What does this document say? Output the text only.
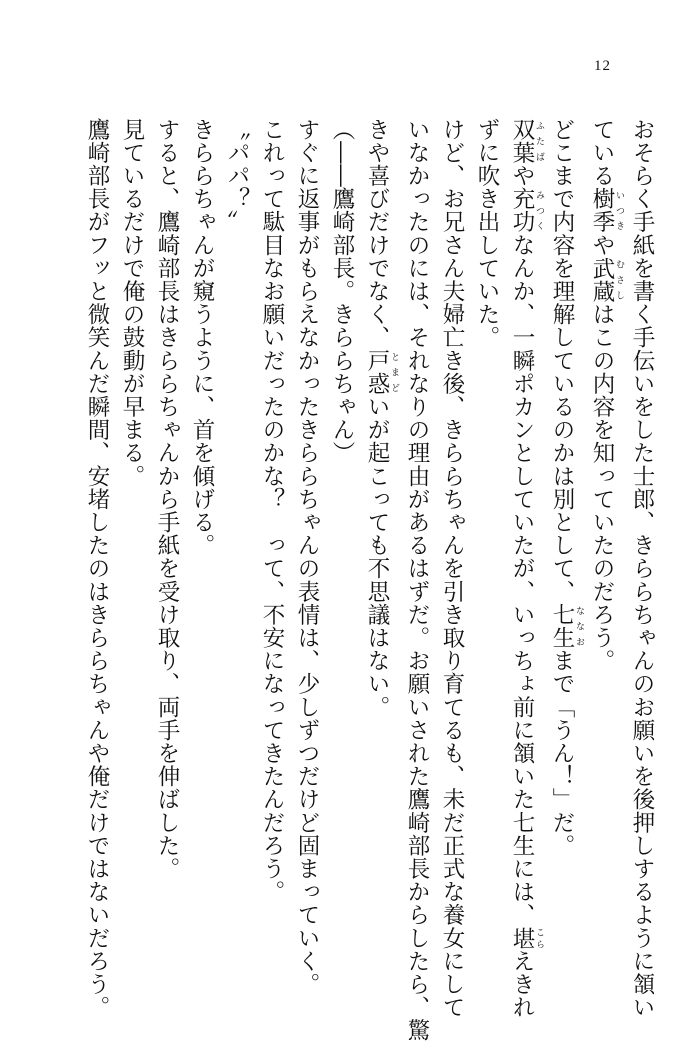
12
おそらく手紙を書く手伝いをした士郎、きららちゃんのお願いを後押しするように頷い
ている樹季 いつきや武蔵 むさしはこの内容を知っていたのだろう。
どこまで内容を理解しているのかは別として、七生 ななおまで「うん！」だ。
双葉 ふたばや充功 みつくなんか、一瞬ポカンとしていたが、いっちょ前に頷いた七生には、堪 こらえきれ
ずに吹き出していた。
けど、お兄さん夫婦亡き後、きららちゃんを引き取り育てるも、未だ正式な養女にして
いなかったのには、それなりの理由があるはずだ。お願いされた鷹崎部長からしたら、驚
きや喜びだけでなく、戸惑 とまどいが起こっても不思議はない。
（――鷹崎部長。きららちゃん）
すぐに返事がもらえなかったきららちゃんの表情は、少しずつだけど固まっていく。
これって駄目なお願いだったのかな？　って、不安になってきたんだろう。
〝パパ？〟
きららちゃんが窺うように、首を傾げる。
すると、鷹崎部長はきららちゃんから手紙を受け取り、両手を伸ばした。
見ているだけで俺の鼓動が早まる。
鷹崎部長がフッと微笑んだ瞬間、安堵したのはきららちゃんや俺だけではないだろう。
